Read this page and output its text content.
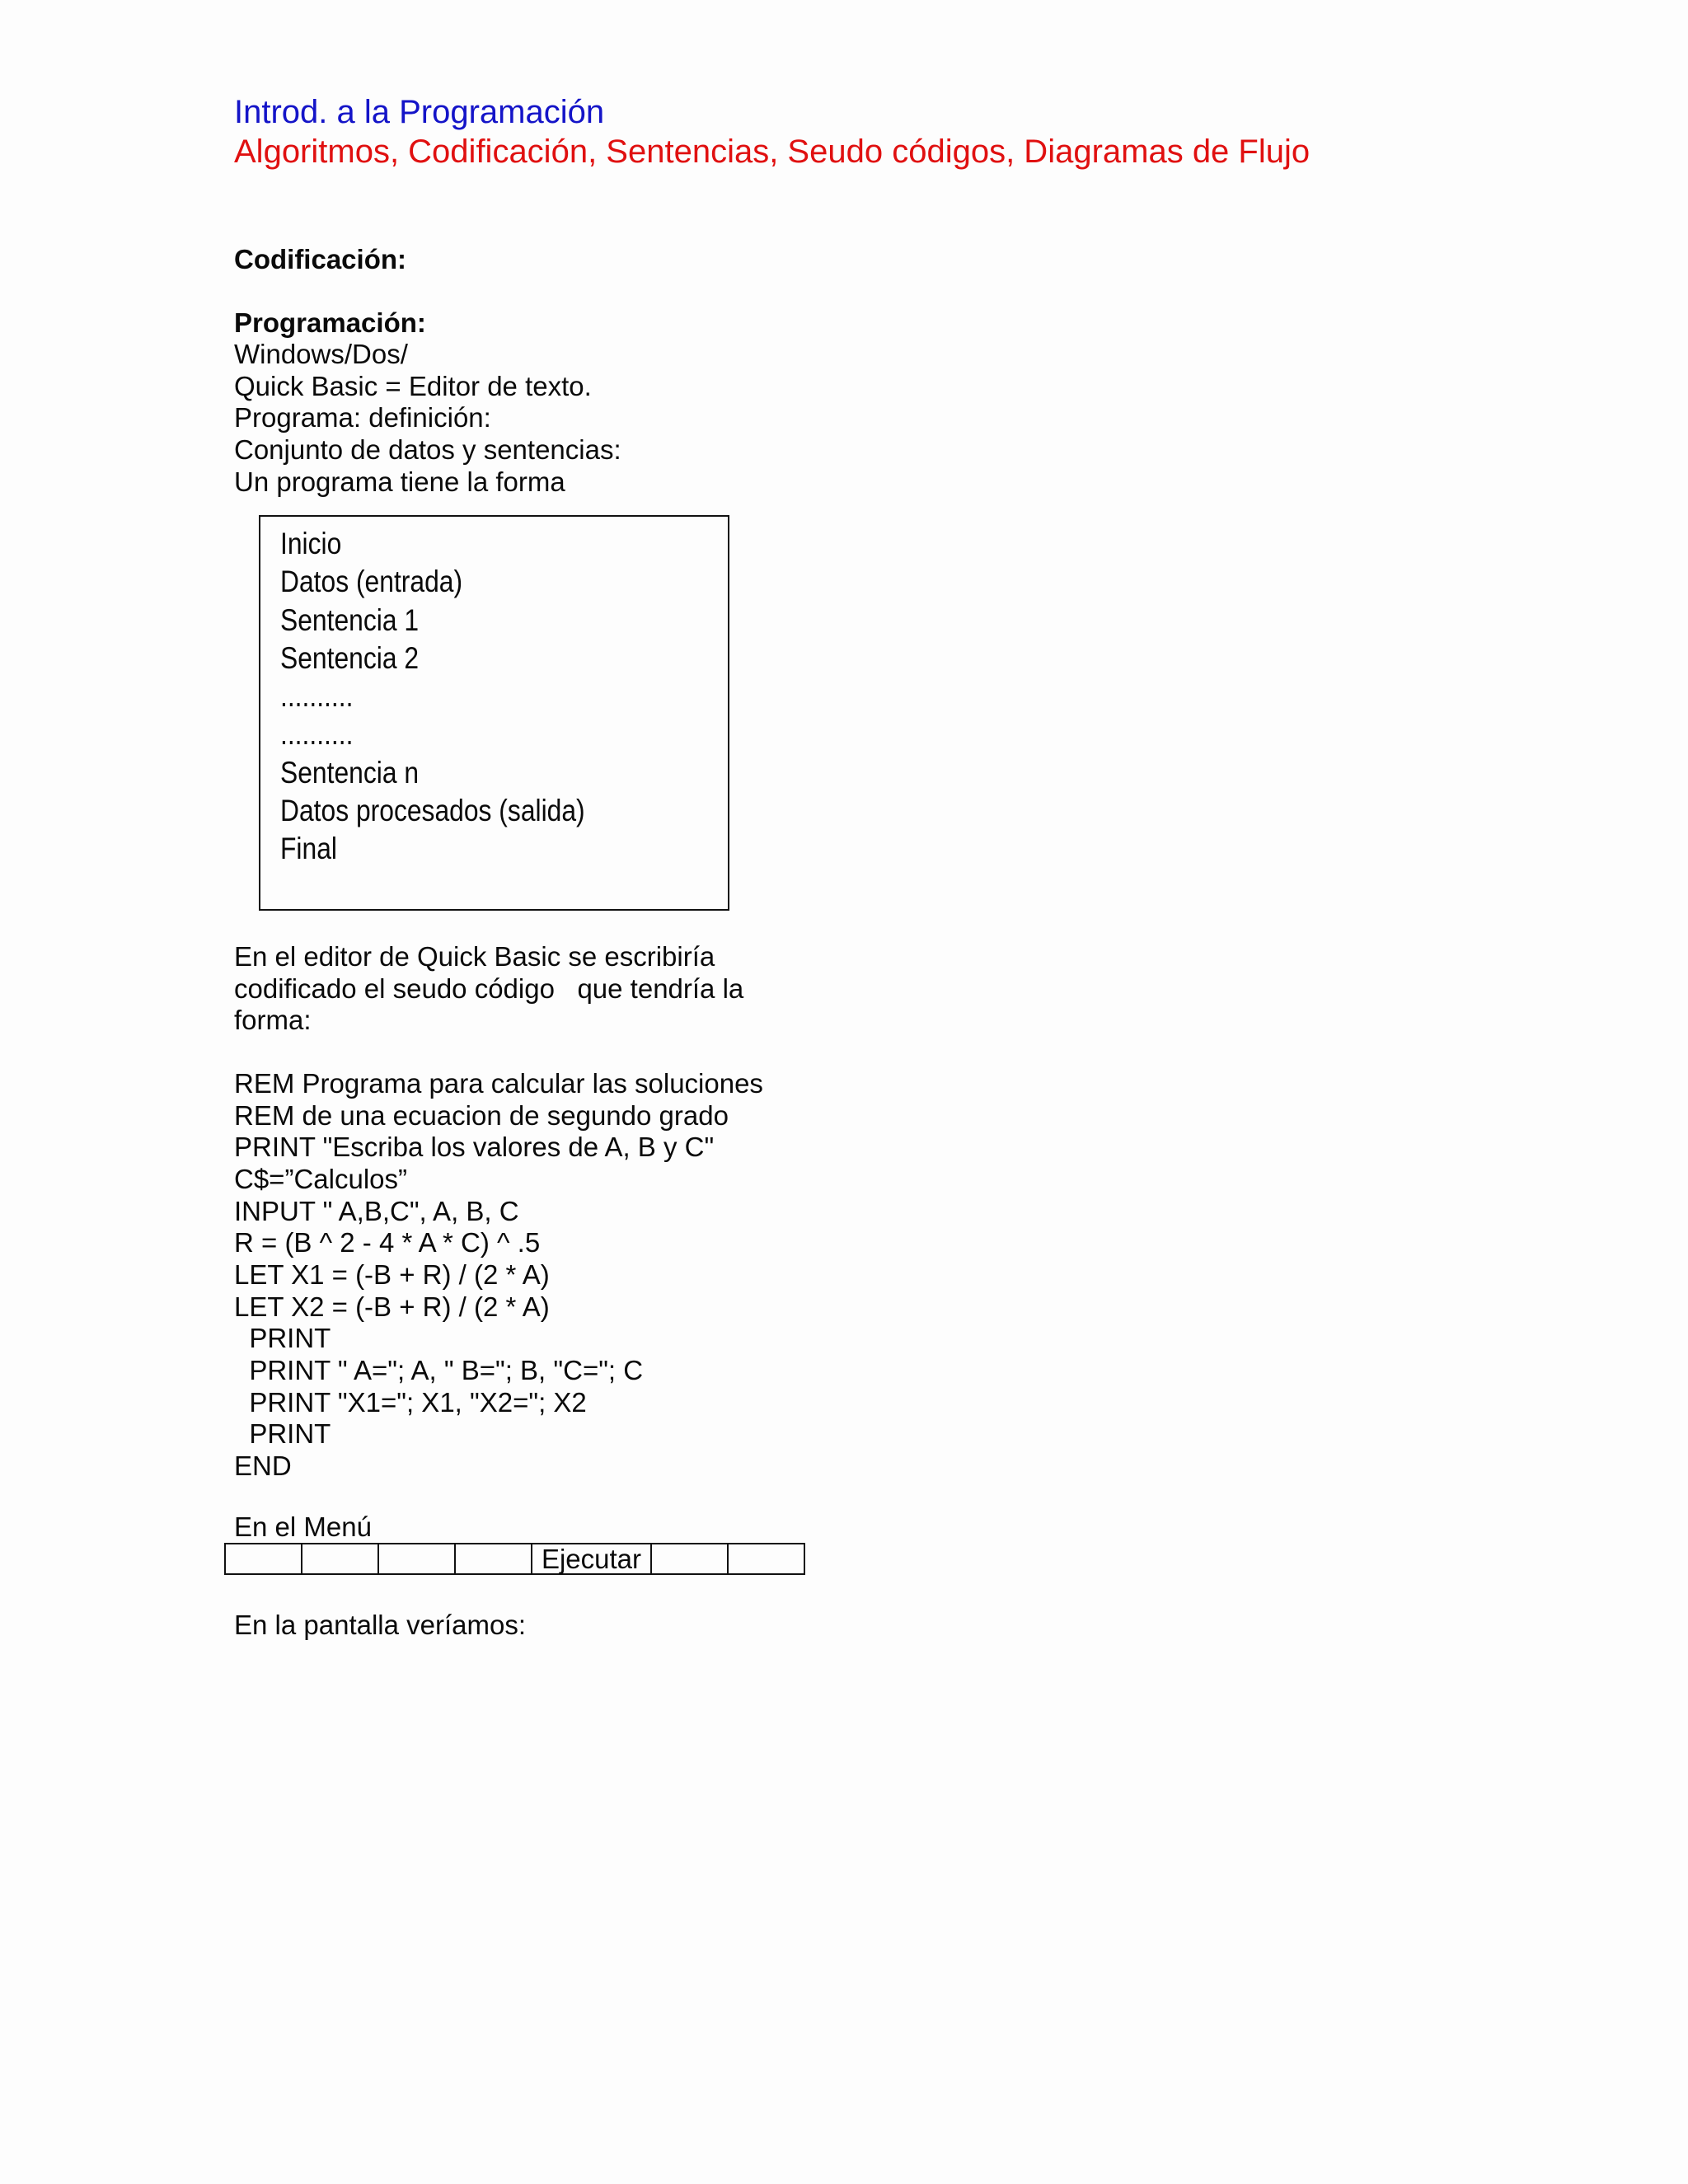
Introd. a la Programación
Algoritmos, Codificación, Sentencias, Seudo códigos, Diagramas de Flujo
Codificación:
Programación:
Windows/Dos/
Quick Basic = Editor de texto.
Programa: definición:
Conjunto de datos y sentencias:
Un programa tiene la forma
Inicio
Datos (entrada)
Sentencia 1
Sentencia 2
..........
..........
Sentencia n
Datos procesados (salida)
Final
En el editor de Quick Basic se escribiría
codificado el seudo código   que tendría la
forma:
REM Programa para calcular las soluciones
REM de una ecuacion de segundo grado
PRINT "Escriba los valores de A, B y C"
C$=”Calculos”
INPUT " A,B,C", A, B, C
R = (B ^ 2 - 4 * A * C) ^ .5
LET X1 = (-B + R) / (2 * A)
LET X2 = (-B + R) / (2 * A)
PRINT
PRINT " A="; A, " B="; B, "C="; C
PRINT "X1="; X1, "X2="; X2
PRINT
END
En el Menú
				Ejecutar		
En la pantalla veríamos:
